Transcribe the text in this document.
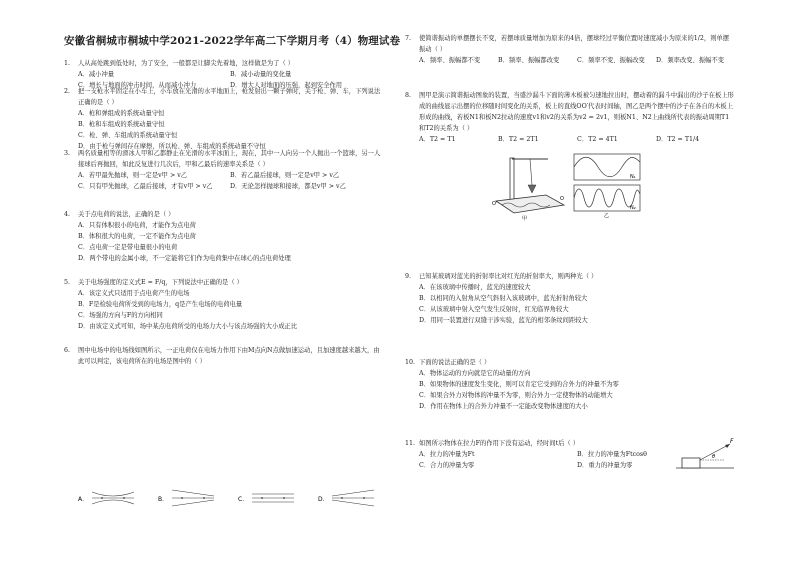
安徽省桐城市桐城中学2021-2022学年高二下学期月考（4）物理试卷
1. 人从高处跳到低处时，为了安全，一般都是让脚尖先着地，这样做是为了（ ）
A．减小冲量	B．减小动量的变化量
C．增长与地面的冲击时间，从而减小冲力	D．增大人对地面的压强，起到安全作用
2. 把一支枪水平固定在小车上，小车放在光滑的水平地面上，枪发射出一颗子弹时，关于枪、弹、车，下列说法正确的是（ ）
A．枪和弹组成的系统动量守恒
B．枪和车组成的系统动量守恒
C．枪、弹、车组成的系统动量守恒
D．由于枪与弹间存在摩擦，所以枪、弹、车组成的系统动量不守恒
3. 两名质量相等的滑冰人甲和乙都静止在光滑的水平冰面上，现在，其中一人向另一个人抛出一个篮球，另一人接球后再抛回，如此反复进行几次后，甲和乙最后的速率关系是（ ）
A．若甲最先抛球，则一定是v甲 > v乙	B．若乙最后接球，则一定是v甲 > v乙
C．只有甲先抛球，乙最后接球，才有v甲 > v乙	D．无论怎样抛球和接球，都是v甲 > v乙
4. 关于点电荷的说法，正确的是（ ）
A．只有体积很小的电荷，才能作为点电荷
B．体积很大的电荷，一定不能作为点电荷
C．点电荷一定是带电量很小的电荷
D．两个带电的金属小球，不一定能将它们作为电荷集中在球心的点电荷处理
5. 关于电场强度的定义式E = F/q，下列说法中正确的是（ ）
A．该定义式只适用于点电荷产生的电场
B．F是检验电荷所受到的电场力，q是产生电场的电荷电量
C．场强的方向与F的方向相同
D．由该定义式可知，场中某点电荷所受的电场力大小与该点场强的大小成正比
6. 图中电场中的电场线如图所示，一正电荷仅在电场力作用下由M点向N点做加速运动，且加速度越来越大，由此可以判定，该电荷所在的电场是图中的（ ）
7. 使简谐振动的单摆摆长不变，若摆球质量增加为原来的4倍，摆球经过平衡位置时速度减小为原来的1/2，则单摆振动（ ）
A．频率、振幅都不变	B．频率、振幅都改变	C．频率不变、振幅改变	D．频率改变、振幅不变
8. 图甲是演示简谐振动图象的装置，当盛沙漏斗下面的薄木板被匀速地拉出时，摆动着的漏斗中漏出的沙子在板上形成的曲线显示出摆的位移随时间变化的关系，板上的直线OO′代表时间轴，图乙是两个摆中的沙子在各自的木板上形成的曲线，若板N1和板N2拉动的速度v1和v2的关系为v2 = 2v1，则板N1、N2上曲线所代表的振动周期T1和T2的关系为（ ）
A．T2 = T1	B．T2 = 2T1	C．T2 = 4T1	D．T2 = T1/4
9. 已知某玻璃对蓝光的折射率比对红光的折射率大，则两种光（ ）
A．在该玻璃中传播时，蓝光的速度较大
B．以相同的入射角从空气斜射入该玻璃中，蓝光折射角较大
C．从该玻璃中射入空气发生反射时，红光临界角较大
D．用同一装置进行双缝干涉实验，蓝光的相邻条纹间距较大
10. 下面的说法正确的是（ ）
A．物体运动的方向就是它的动量的方向
B．如果物体的速度发生变化，则可以肯定它受到的合外力的冲量不为零
C．如果合外力对物体的冲量不为零，则合外力一定使物体的动能增大
D．作用在物体上的合外力冲量不一定能改变物体速度的大小
11. 如图所示物体在拉力F的作用下没有运动，经时间t后（ ）
A．拉力的冲量为Ft	B．拉力的冲量为Ftcosθ
C．合力的冲量为零	D．重力的冲量为零
A．	B．	C．	D．
O'
O
甲
N₁
N₂
乙
F
θ
